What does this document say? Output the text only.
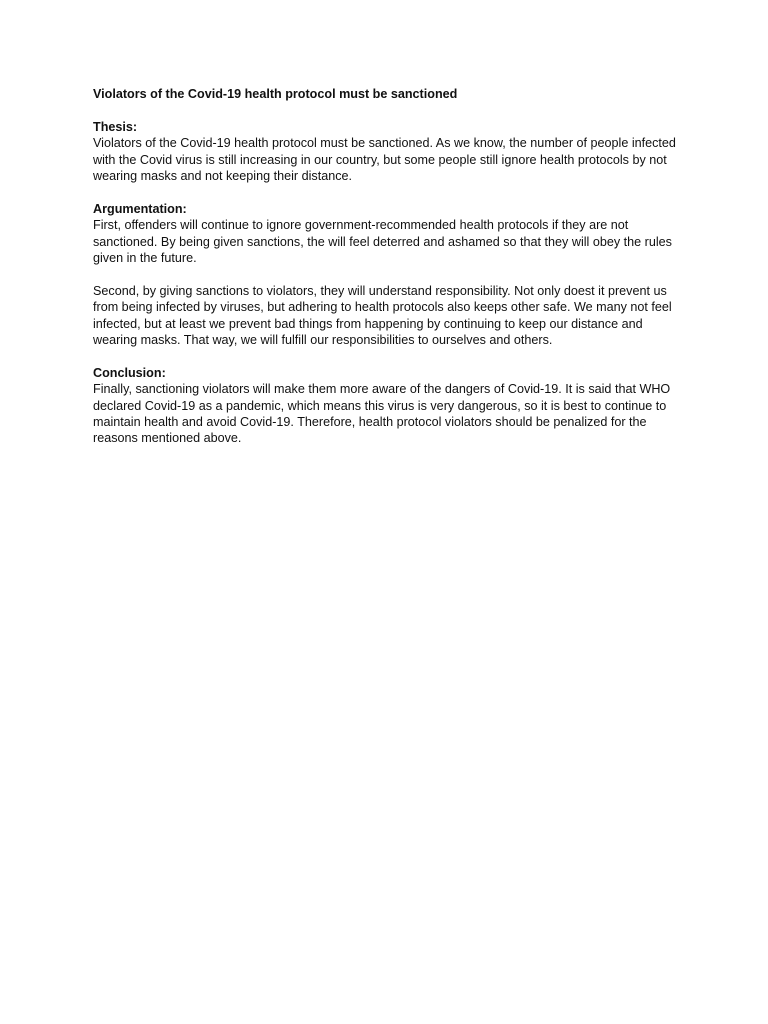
Violators of the Covid-19 health protocol must be sanctioned

Thesis:

Violators of the Covid-19 health protocol must be sanctioned. As we know, the number of people infected with the Covid virus is still increasing in our country, but some people still ignore health protocols by not wearing masks and not keeping their distance.

Argumentation:

First, offenders will continue to ignore government-recommended health protocols if they are not sanctioned. By being given sanctions, the will feel deterred and ashamed so that they will obey the rules given in the future.

Second, by giving sanctions to violators, they will understand responsibility. Not only doest it prevent us from being infected by viruses, but adhering to health protocols also keeps other safe. We many not feel infected, but at least we prevent bad things from happening by continuing to keep our distance and wearing masks. That way, we will fulfill our responsibilities to ourselves and others.

Conclusion:

Finally, sanctioning violators will make them more aware of the dangers of Covid-19. It is said that WHO declared Covid-19 as a pandemic, which means this virus is very dangerous, so it is best to continue to maintain health and avoid Covid-19. Therefore, health protocol violators should be penalized for the reasons mentioned above.
